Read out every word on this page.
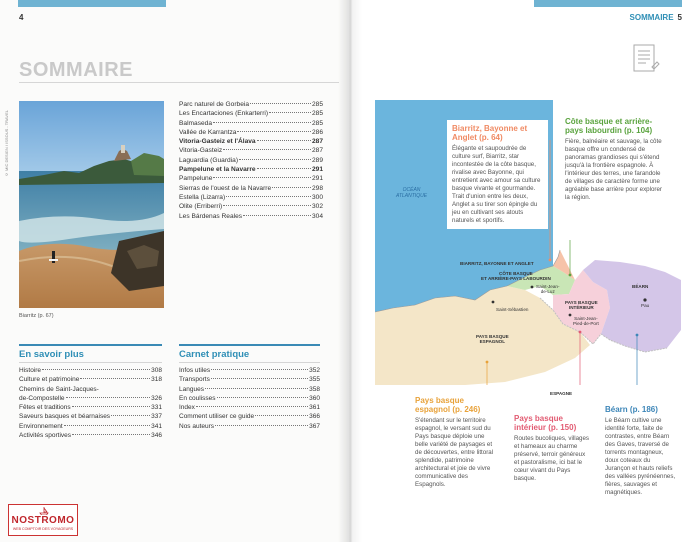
4
SOMMAIRE
© MIC DESIGN / ISSOUS - TRAVEL
Biarritz (p. 67)
Parc naturel de Gorbeia	285
Les Encartaciones (Enkarterri)	285
Balmaseda	285
Vallée de Karrantza	286
Vitoria-Gasteiz et l'Álava	287
Vitoria-Gasteiz	287
Laguardia (Guardia)	289
Pampelune et la Navarre	291
Pampelune	291
Sierras de l'ouest de la Navarre	298
Estella (Lizarra)	300
Olite (Erriberri)	302
Les Bárdenas Reales	304
En savoir plus
Histoire	308
Culture et patrimoine	318
Chemins de Saint-Jacques-
de-Compostelle	326
Fêtes et traditions	331
Saveurs basques et béarnaises	337
Environnement	341
Activités sportives	346
Carnet pratique
Infos utiles	352
Transports	355
Langues	358
En coulisses	360
Index	361
Comment utiliser ce guide	366
Nos auteurs	367
NOSTROMO
WEB COMPTOIR DES VOYAGEURS
SOMMAIRE 5
OCÉAN
ATLANTIQUE
BIARRITZ, BAYONNE ET ANGLET
CÔTE BASQUE
ET ARRIÈRE-PAYS LABOURDIN
Saint-Jean-
de-Luz
Saint-Sébastien
PAYS BASQUE
INTÉRIEUR
Saint-Jean-
Pied-de-Port
BÉARN
Pau
PAYS BASQUE
ESPAGNOL
ESPAGNE
Biarritz, Bayonne et Anglet (p. 64)
Élégante et saupoudrée de culture surf, Biarritz, star incontestée de la côte basque, rivalise avec Bayonne, qui entretient avec amour sa culture basque vivante et gourmande. Trait d'union entre les deux, Anglet a su tirer son épingle du jeu en cultivant ses atouts naturels et sportifs.
Côte basque et arrière-pays labourdin (p. 104)
Fière, balnéaire et sauvage, la côte basque offre un condensé de panoramas grandioses qui s'étend jusqu'à la frontière espagnole. À l'intérieur des terres, une farandole de villages de caractère forme une agréable base arrière pour explorer la région.
Pays basque espagnol (p. 246)
S'étendant sur le territoire espagnol, le versant sud du Pays basque déploie une belle variété de paysages et de découvertes, entre littoral splendide, patrimoine architectural et joie de vivre communicative des Espagnols.
Pays basque intérieur (p. 150)
Routes bucoliques, villages et hameaux au charme préservé, terroir généreux et pastoralisme, ici bat le cœur vivant du Pays basque.
Béarn (p. 186)
Le Béarn cultive une identité forte, faite de contrastes, entre Béarn des Gaves, traversé de torrents montagneux, doux coteaux du Jurançon et hauts reliefs des vallées pyrénéennes, fières, sauvages et magnétiques.
